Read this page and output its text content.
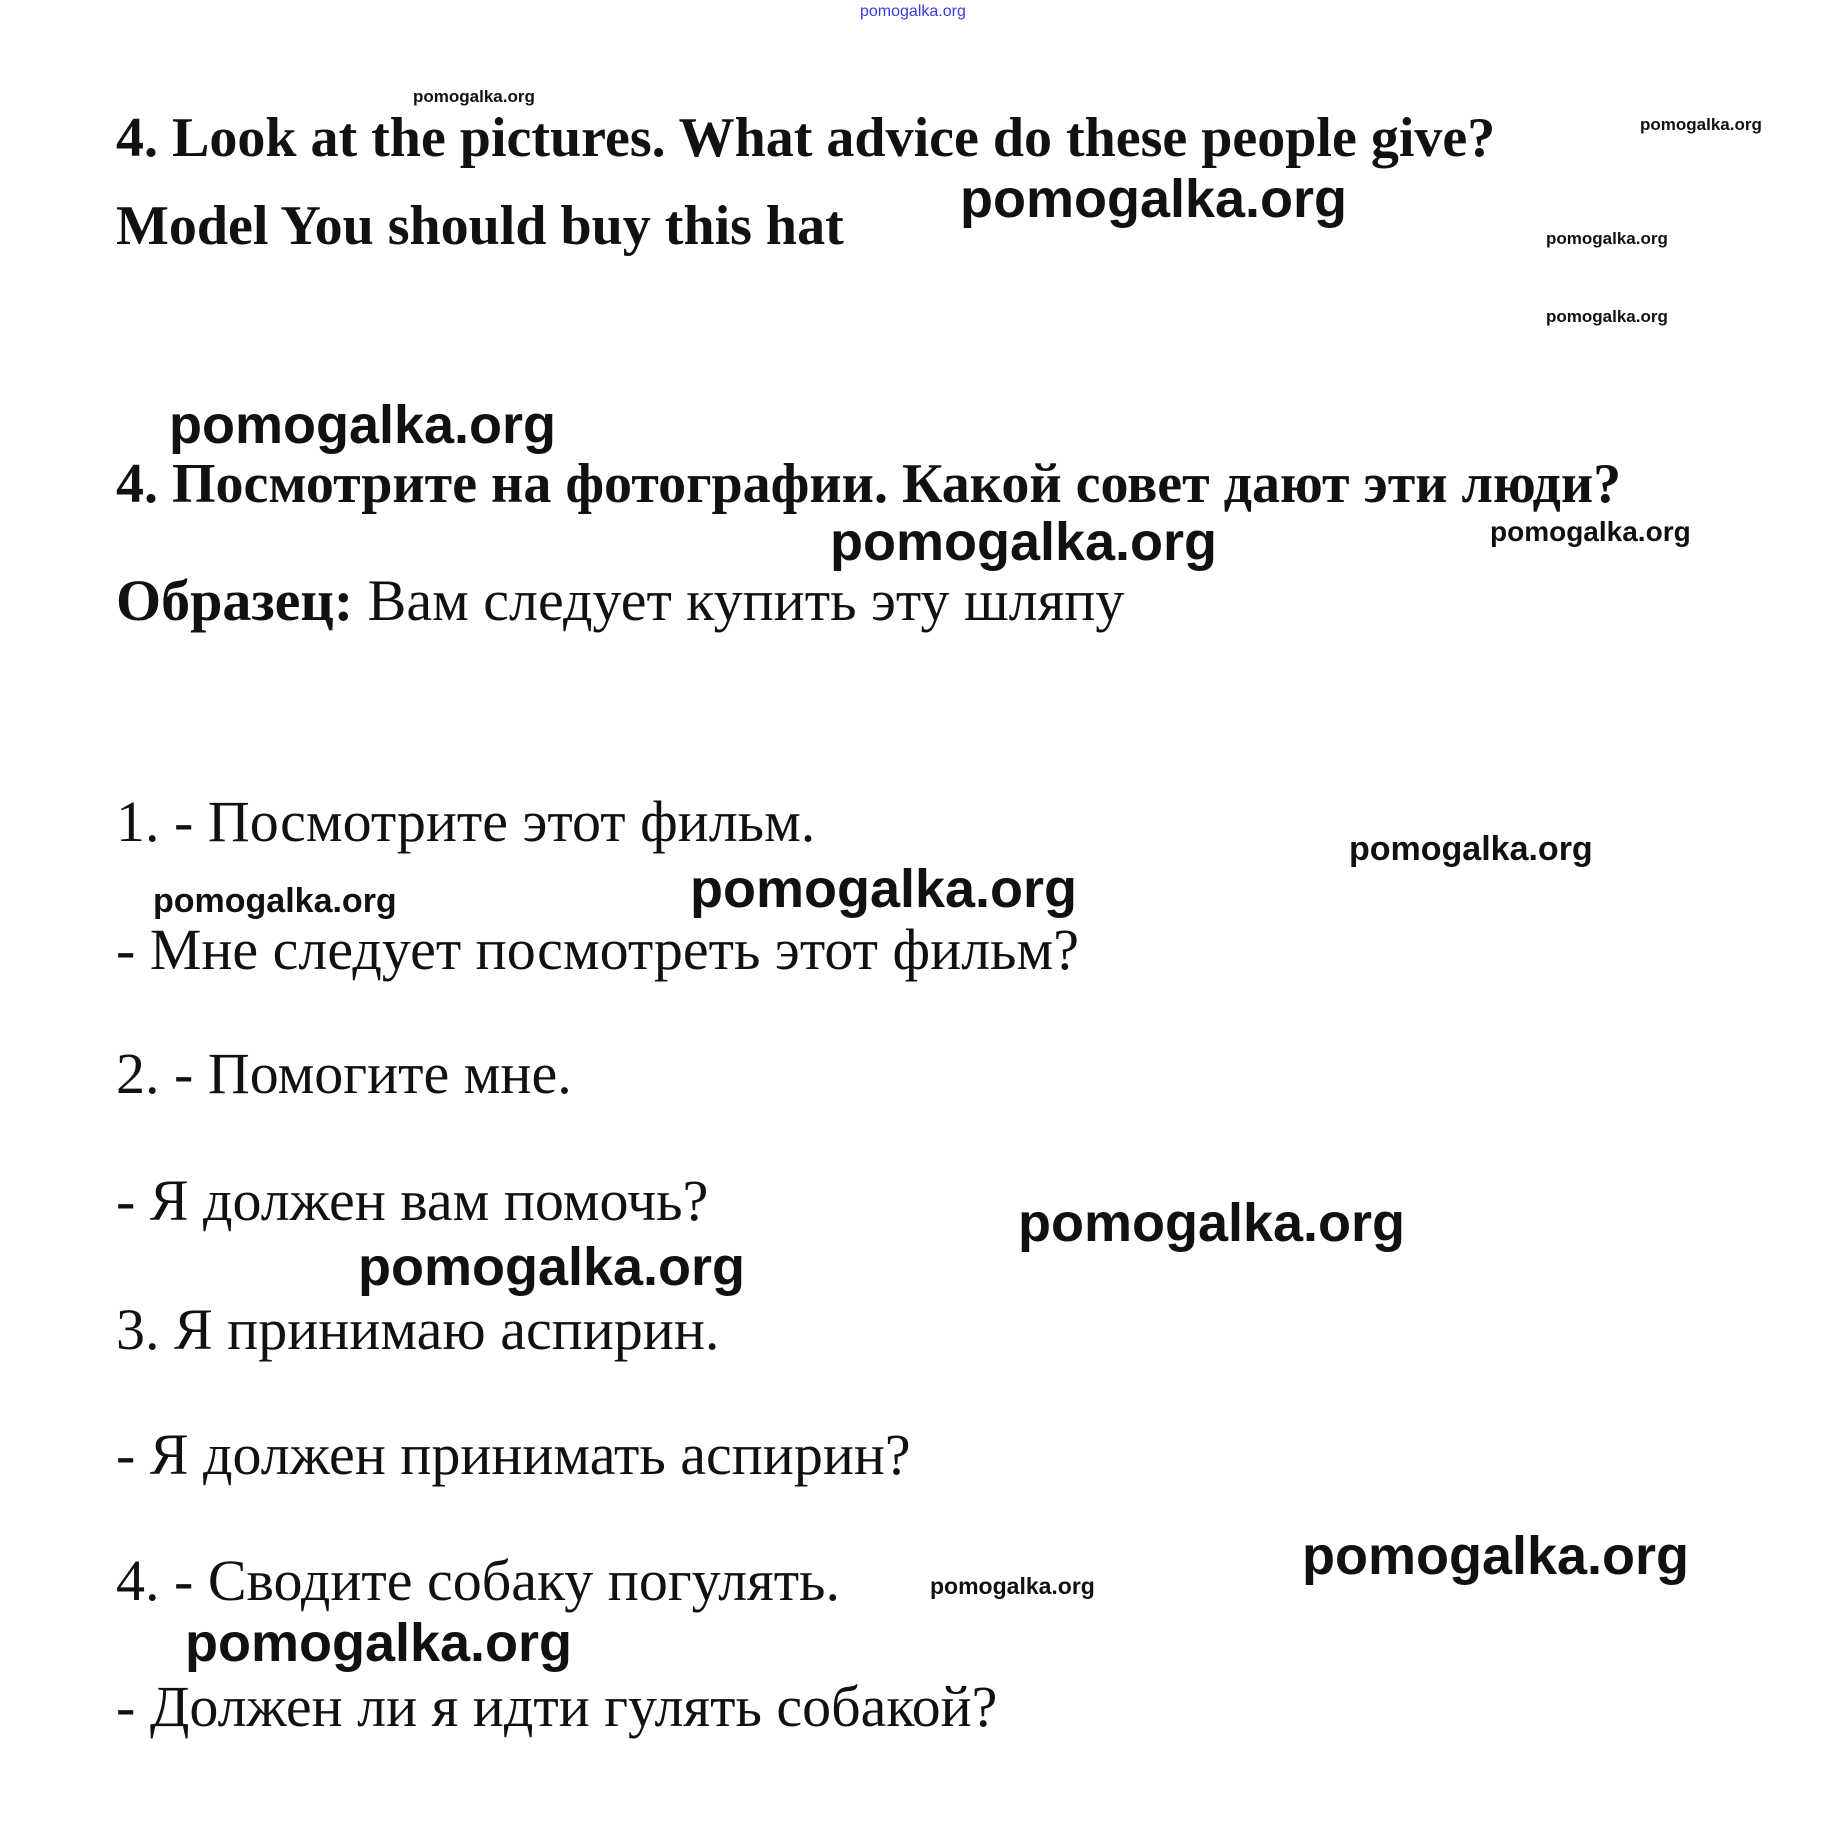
pomogalka.org
4. Look at the pictures. What advice do these people give?
Model You should buy this hat
4. Посмотрите на фотографии. Какой совет дают эти люди?
Образец: Вам следует купить эту шляпу
1. - Посмотрите этот фильм.
- Мне следует посмотреть этот фильм?
2. - Помогите мне.
- Я должен вам помочь?
3. Я принимаю аспирин.
- Я должен принимать аспирин?
4. - Сводите собаку погулять.
- Должен ли я идти гулять собакой?
pomogalka.org
pomogalka.org
pomogalka.org
pomogalka.org
pomogalka.org
pomogalka.org
pomogalka.org	pomogalka.org
pomogalka.org
pomogalka.org
pomogalka.org
pomogalka.org
pomogalka.org
pomogalka.org
pomogalka.org
pomogalka.org
